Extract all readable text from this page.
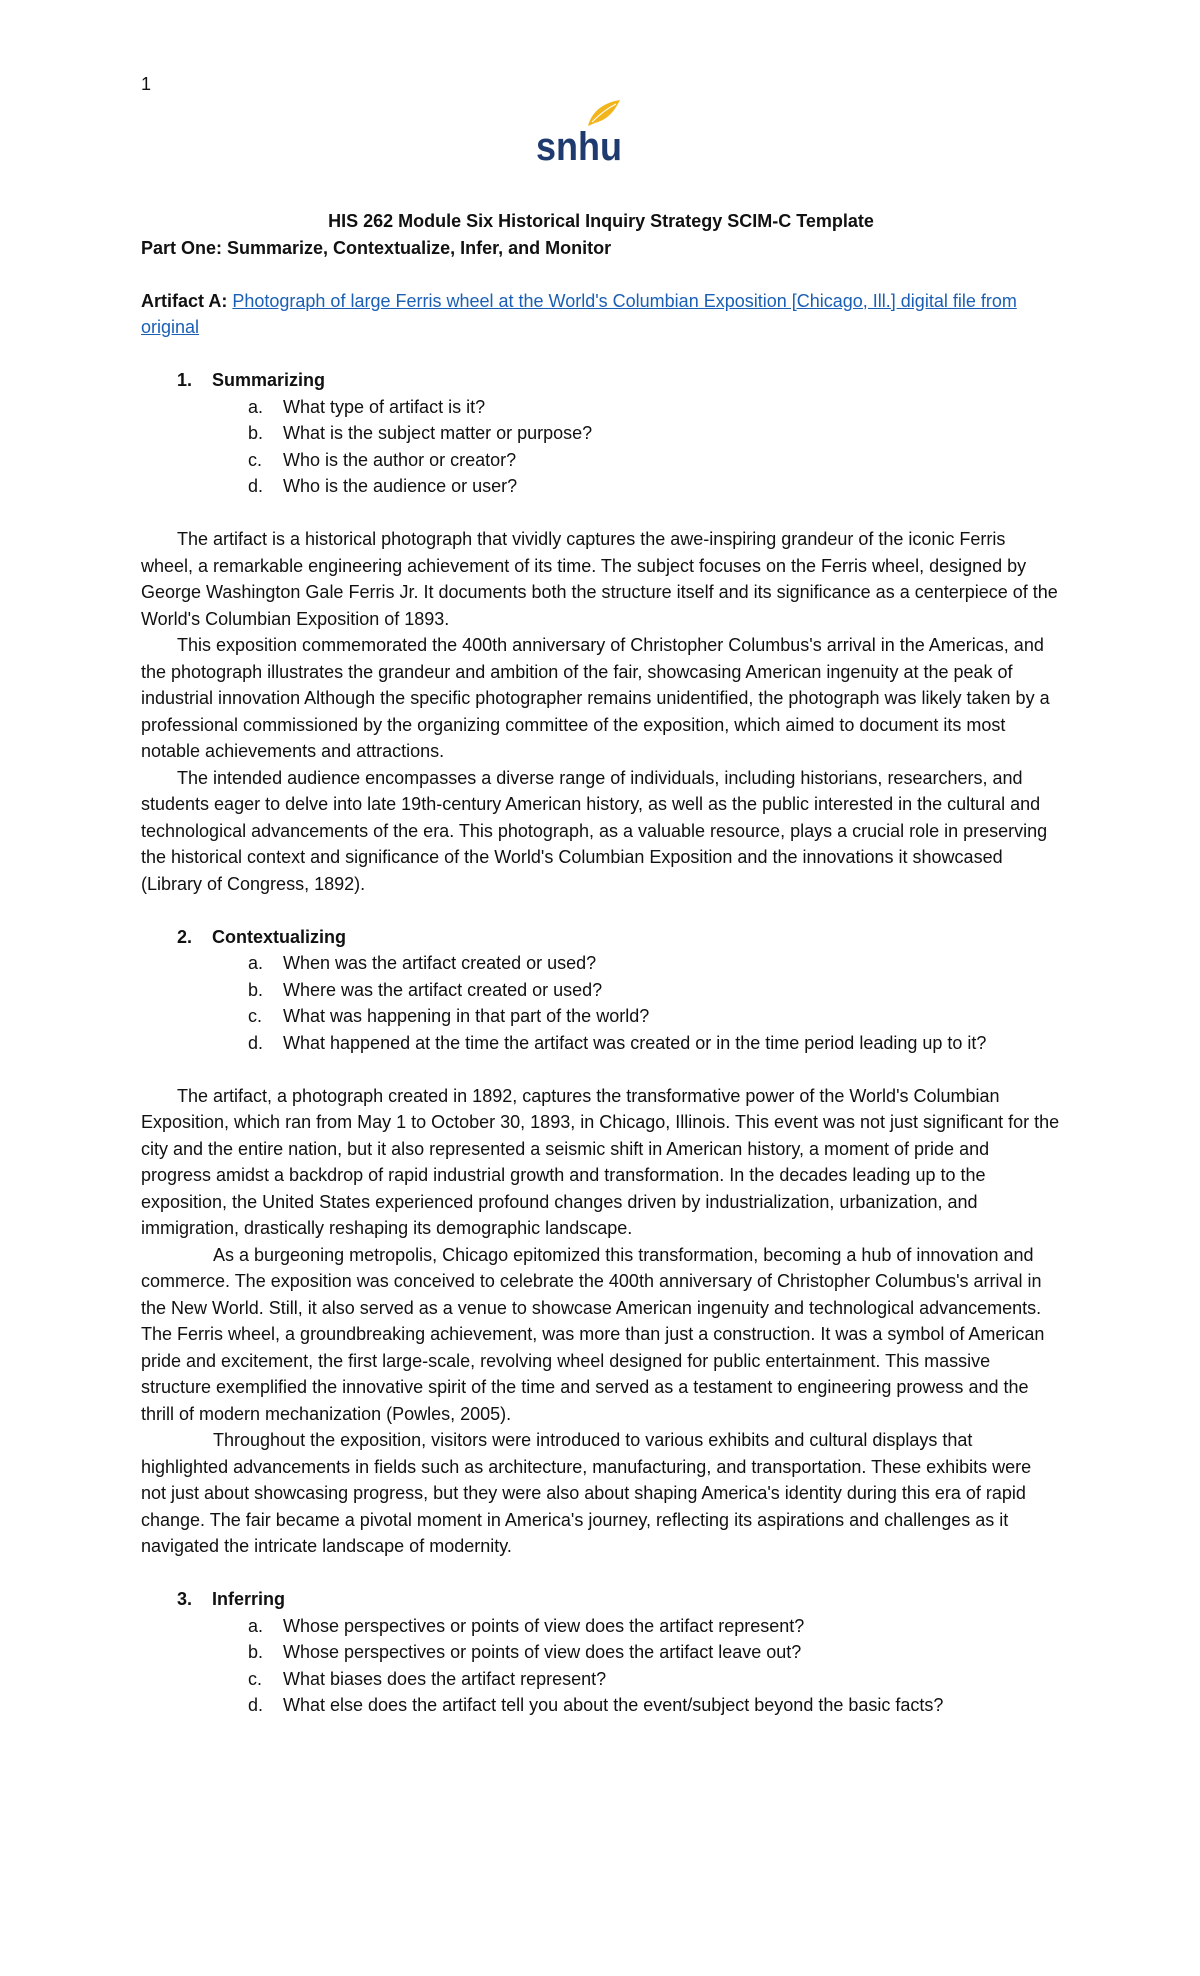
1
snhu
HIS 262 Module Six Historical Inquiry Strategy SCIM-C Template
Part One: Summarize, Contextualize, Infer, and Monitor
Artifact A: Photograph of large Ferris wheel at the World's Columbian Exposition [Chicago, Ill.] digital file from original
1.	Summarizing
a.	What type of artifact is it?
b.	What is the subject matter or purpose?
c.	Who is the author or creator?
d.	Who is the audience or user?

The artifact is a historical photograph that vividly captures the awe-inspiring grandeur of the iconic Ferris wheel, a remarkable engineering achievement of its time. The subject focuses on the Ferris wheel, designed by George Washington Gale Ferris Jr. It documents both the structure itself and its significance as a centerpiece of the World's Columbian Exposition of 1893.

This exposition commemorated the 400th anniversary of Christopher Columbus's arrival in the Americas, and the photograph illustrates the grandeur and ambition of the fair, showcasing American ingenuity at the peak of industrial innovation Although the specific photographer remains unidentified, the photograph was likely taken by a professional commissioned by the organizing committee of the exposition, which aimed to document its most notable achievements and attractions.

The intended audience encompasses a diverse range of individuals, including historians, researchers, and students eager to delve into late 19th-century American history, as well as the public interested in the cultural and technological advancements of the era. This photograph, as a valuable resource, plays a crucial role in preserving the historical context and significance of the World's Columbian Exposition and the innovations it showcased (Library of Congress, 1892).

2.	Contextualizing
a.	When was the artifact created or used?
b.	Where was the artifact created or used?
c.	What was happening in that part of the world?
d.	What happened at the time the artifact was created or in the time period leading up to it?

The artifact, a photograph created in 1892, captures the transformative power of the World's Columbian Exposition, which ran from May 1 to October 30, 1893, in Chicago, Illinois. This event was not just significant for the city and the entire nation, but it also represented a seismic shift in American history, a moment of pride and progress amidst a backdrop of rapid industrial growth and transformation. In the decades leading up to the exposition, the United States experienced profound changes driven by industrialization, urbanization, and immigration, drastically reshaping its demographic landscape.

As a burgeoning metropolis, Chicago epitomized this transformation, becoming a hub of innovation and commerce. The exposition was conceived to celebrate the 400th anniversary of Christopher Columbus's arrival in the New World. Still, it also served as a venue to showcase American ingenuity and technological advancements. The Ferris wheel, a groundbreaking achievement, was more than just a construction. It was a symbol of American pride and excitement, the first large-scale, revolving wheel designed for public entertainment. This massive structure exemplified the innovative spirit of the time and served as a testament to engineering prowess and the thrill of modern mechanization (Powles, 2005).

Throughout the exposition, visitors were introduced to various exhibits and cultural displays that highlighted advancements in fields such as architecture, manufacturing, and transportation. These exhibits were not just about showcasing progress, but they were also about shaping America's identity during this era of rapid change. The fair became a pivotal moment in America's journey, reflecting its aspirations and challenges as it navigated the intricate landscape of modernity.

3.	Inferring
a.	Whose perspectives or points of view does the artifact represent?
b.	Whose perspectives or points of view does the artifact leave out?
c.	What biases does the artifact represent?
d.	What else does the artifact tell you about the event/subject beyond the basic facts?
